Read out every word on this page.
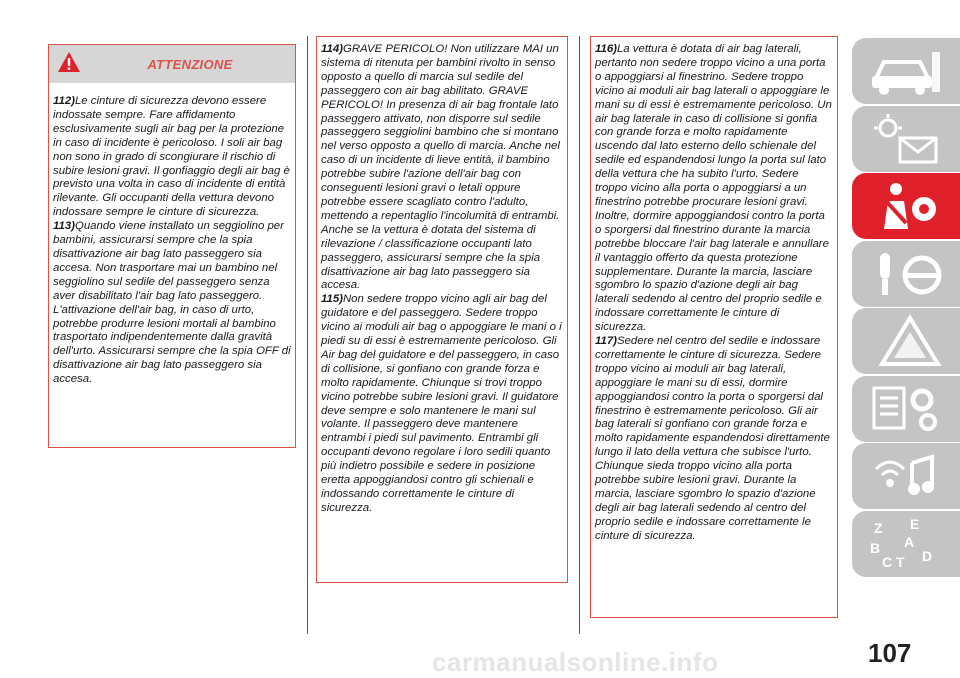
ATTENZIONE

112)Le cinture di sicurezza devono essere indossate sempre. Fare affidamento esclusivamente sugli air bag per la protezione in caso di incidente è pericoloso. I soli air bag non sono in grado di scongiurare il rischio di subire lesioni gravi. Il gonfiaggio degli air bag è previsto una volta in caso di incidente di entità rilevante. Gli occupanti della vettura devono indossare sempre le cinture di sicurezza.

113)Quando viene installato un seggiolino per bambini, assicurarsi sempre che la spia disattivazione air bag lato passeggero sia accesa. Non trasportare mai un bambino nel seggiolino sul sedile del passeggero senza aver disabilitato l'air bag lato passeggero. L'attivazione dell'air bag, in caso di urto, potrebbe produrre lesioni mortali al bambino trasportato indipendentemente dalla gravità dell'urto. Assicurarsi sempre che la spia OFF di disattivazione air bag lato passeggero sia accesa.

114)GRAVE PERICOLO! Non utilizzare MAI un sistema di ritenuta per bambini rivolto in senso opposto a quello di marcia sul sedile del passeggero con air bag abilitato. GRAVE PERICOLO! In presenza di air bag frontale lato passeggero attivato, non disporre sul sedile passeggero seggiolini bambino che si montano nel verso opposto a quello di marcia. Anche nel caso di un incidente di lieve entità, il bambino potrebbe subire l'azione dell'air bag con conseguenti lesioni gravi o letali oppure potrebbe essere scagliato contro l'adulto, mettendo a repentaglio l'incolumità di entrambi. Anche se la vettura è dotata del sistema di rilevazione / classificazione occupanti lato passeggero, assicurarsi sempre che la spia disattivazione air bag lato passeggero sia accesa.

115)Non sedere troppo vicino agli air bag del guidatore e del passeggero. Sedere troppo vicino ai moduli air bag o appoggiare le mani o i piedi su di essi è estremamente pericoloso. Gli Air bag del guidatore e del passeggero, in caso di collisione, si gonfiano con grande forza e molto rapidamente. Chiunque si trovi troppo vicino potrebbe subire lesioni gravi. Il guidatore deve sempre e solo mantenere le mani sul volante. Il passeggero deve mantenere entrambi i piedi sul pavimento. Entrambi gli occupanti devono regolare i loro sedili quanto più indietro possibile e sedere in posizione eretta appoggiandosi contro gli schienali e indossando correttamente le cinture di sicurezza.

116)La vettura è dotata di air bag laterali, pertanto non sedere troppo vicino a una porta o appoggiarsi al finestrino. Sedere troppo vicino ai moduli air bag laterali o appoggiare le mani su di essi è estremamente pericoloso. Un air bag laterale in caso di collisione si gonfia con grande forza e molto rapidamente uscendo dal lato esterno dello schienale del sedile ed espandendosi lungo la porta sul lato della vettura che ha subito l'urto. Sedere troppo vicino alla porta o appoggiarsi a un finestrino potrebbe procurare lesioni gravi. Inoltre, dormire appoggiandosi contro la porta o sporgersi dal finestrino durante la marcia potrebbe bloccare l'air bag laterale e annullare il vantaggio offerto da questa protezione supplementare. Durante la marcia, lasciare sgombro lo spazio d'azione degli air bag laterali sedendo al centro del proprio sedile e indossare correttamente le cinture di sicurezza.

117)Sedere nel centro del sedile e indossare correttamente le cinture di sicurezza. Sedere troppo vicino ai moduli air bag laterali, appoggiare le mani su di essi, dormire appoggiandosi contro la porta o sporgersi dal finestrino è estremamente pericoloso. Gli air bag laterali si gonfiano con grande forza e molto rapidamente espandendosi direttamente lungo il lato della vettura che subisce l'urto. Chiunque sieda troppo vicino alla porta potrebbe subire lesioni gravi. Durante la marcia, lasciare sgombro lo spazio d'azione degli air bag laterali sedendo al centro del proprio sedile e indossare correttamente le cinture di sicurezza.

Z E
A
B
C T D
carmanualsonline.info	107
